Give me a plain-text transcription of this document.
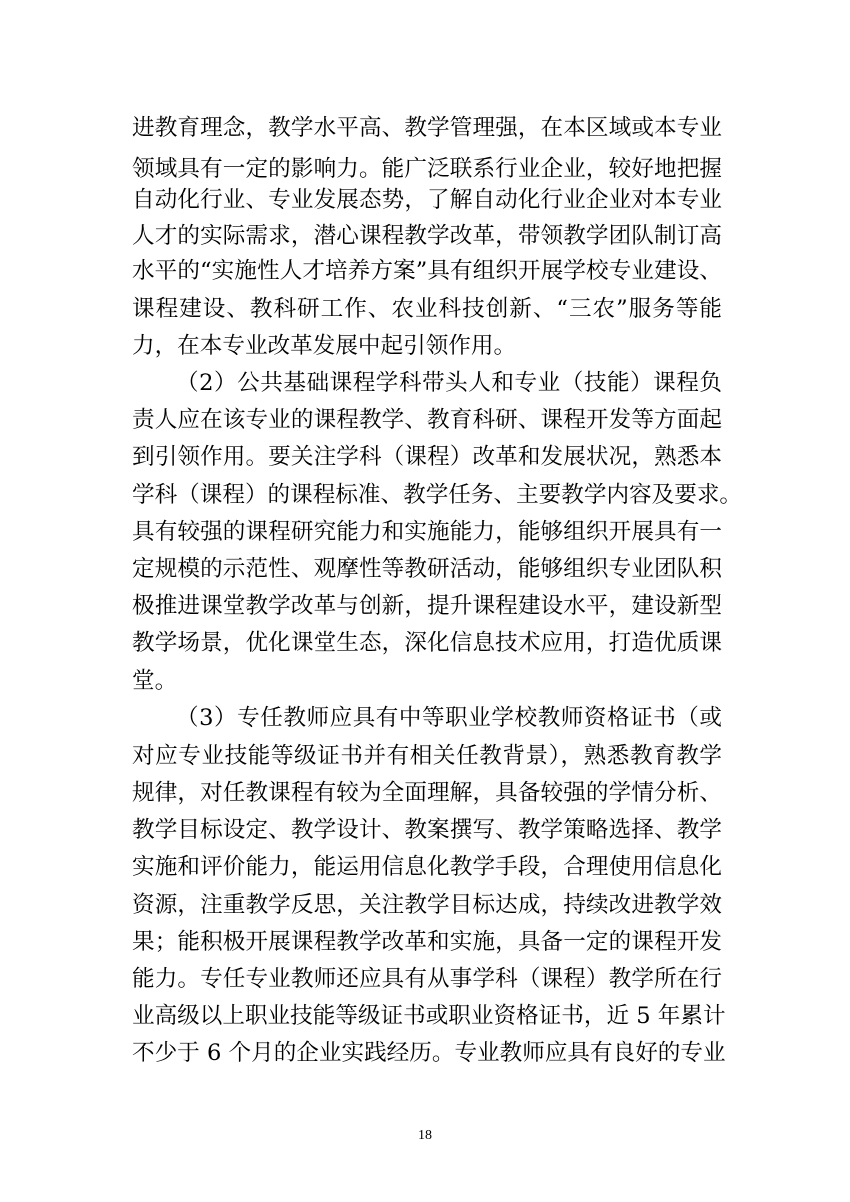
进教育理念，教学水平高、教学管理强，在本区域或本专业
领域具有一定的影响力。能广泛联系行业企业，较好地把握
自动化行业、专业发展态势，了解自动化行业企业对本专业
人才的实际需求，潜心课程教学改革，带领教学团队制订高
水平的“实施性人才培养方案”具有组织开展学校专业建设、
课程建设、教科研工作、农业科技创新、“三农”服务等能
力，在本专业改革发展中起引领作用。
（2）公共基础课程学科带头人和专业（技能）课程负
责人应在该专业的课程教学、教育科研、课程开发等方面起
到引领作用。要关注学科（课程）改革和发展状况，熟悉本
学科（课程）的课程标准、教学任务、主要教学内容及要求。
具有较强的课程研究能力和实施能力，能够组织开展具有一
定规模的示范性、观摩性等教研活动，能够组织专业团队积
极推进课堂教学改革与创新，提升课程建设水平，建设新型
教学场景，优化课堂生态，深化信息技术应用，打造优质课
堂。
（3）专任教师应具有中等职业学校教师资格证书（或
对应专业技能等级证书并有相关任教背景），熟悉教育教学
规律，对任教课程有较为全面理解，具备较强的学情分析、
教学目标设定、教学设计、教案撰写、教学策略选择、教学
实施和评价能力，能运用信息化教学手段，合理使用信息化
资源，注重教学反思，关注教学目标达成，持续改进教学效
果；能积极开展课程教学改革和实施，具备一定的课程开发
能力。专任专业教师还应具有从事学科（课程）教学所在行
业高级以上职业技能等级证书或职业资格证书，近 5 年累计
不少于 6 个月的企业实践经历。专业教师应具有良好的专业
18
